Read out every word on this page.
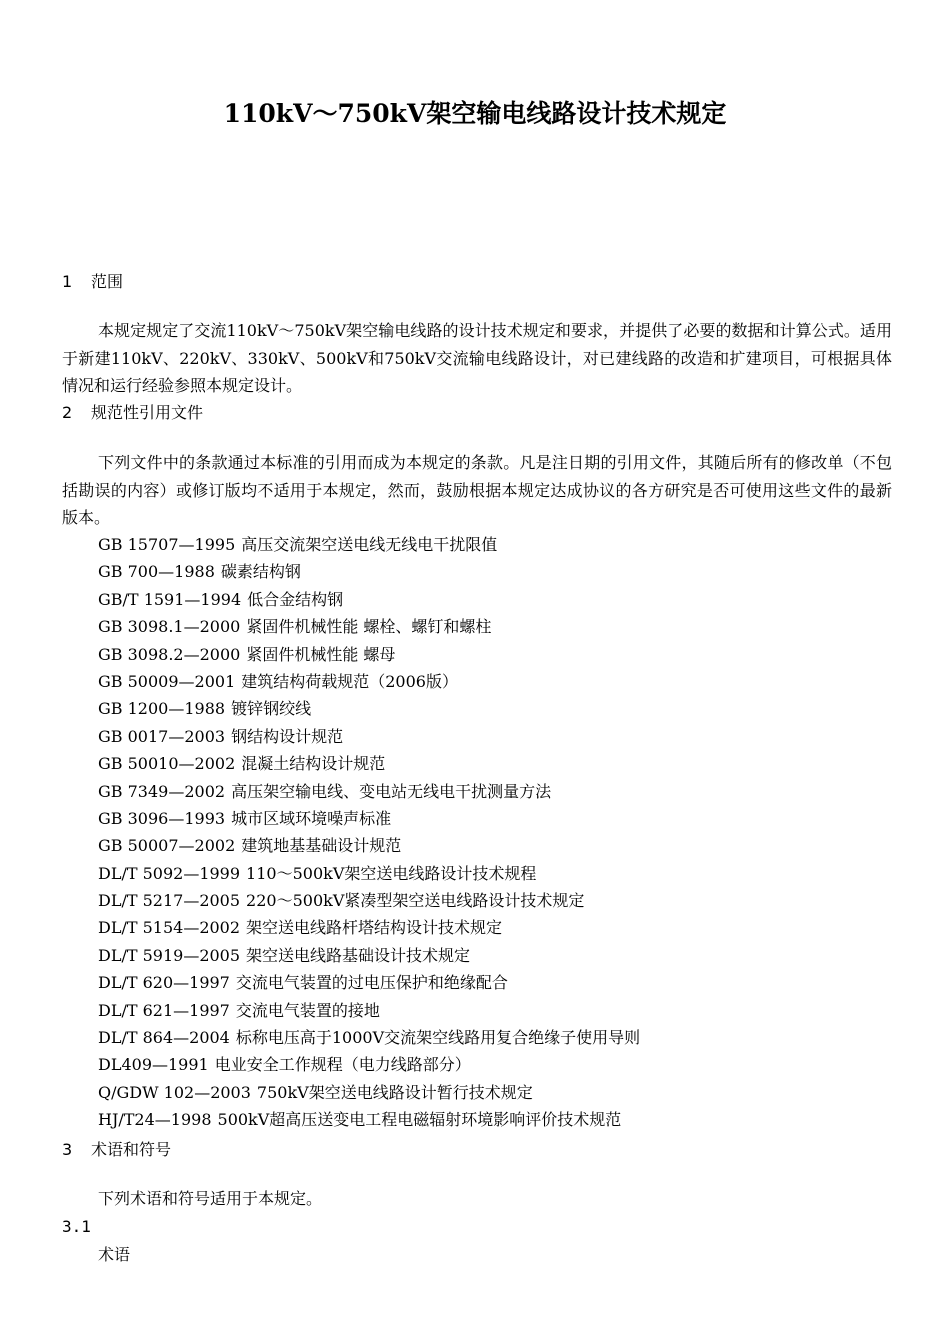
110kV～750kV架空输电线路设计技术规定
1 范围
本规定规定了交流110kV～750kV架空输电线路的设计技术规定和要求，并提供了必要的数据和计算公式。适用于新建110kV、220kV、330kV、500kV和750kV交流输电线路设计，对已建线路的改造和扩建项目，可根据具体情况和运行经验参照本规定设计。
2 规范性引用文件
下列文件中的条款通过本标准的引用而成为本规定的条款。凡是注日期的引用文件，其随后所有的修改单（不包括勘误的内容）或修订版均不适用于本规定，然而，鼓励根据本规定达成协议的各方研究是否可使用这些文件的最新版本。
GB 15707—1995 高压交流架空送电线无线电干扰限值
GB 700—1988 碳素结构钢
GB/T 1591—1994 低合金结构钢
GB 3098.1—2000 紧固件机械性能 螺栓、螺钉和螺柱
GB 3098.2—2000 紧固件机械性能 螺母
GB 50009—2001 建筑结构荷载规范（2006版）
GB 1200—1988 镀锌钢绞线
GB 0017—2003 钢结构设计规范
GB 50010—2002 混凝土结构设计规范
GB 7349—2002 高压架空输电线、变电站无线电干扰测量方法
GB 3096—1993 城市区域环境噪声标准
GB 50007—2002 建筑地基基础设计规范
DL/T 5092—1999 110～500kV架空送电线路设计技术规程
DL/T 5217—2005 220～500kV紧凑型架空送电线路设计技术规定
DL/T 5154—2002 架空送电线路杆塔结构设计技术规定
DL/T 5919—2005 架空送电线路基础设计技术规定
DL/T 620—1997 交流电气装置的过电压保护和绝缘配合
DL/T 621—1997 交流电气装置的接地
DL/T 864—2004 标称电压高于1000V交流架空线路用复合绝缘子使用导则
DL409—1991 电业安全工作规程（电力线路部分）
Q/GDW 102—2003 750kV架空送电线路设计暂行技术规定
HJ/T24—1998 500kV超高压送变电工程电磁辐射环境影响评价技术规范
3 术语和符号
下列术语和符号适用于本规定。
3.1
术语
